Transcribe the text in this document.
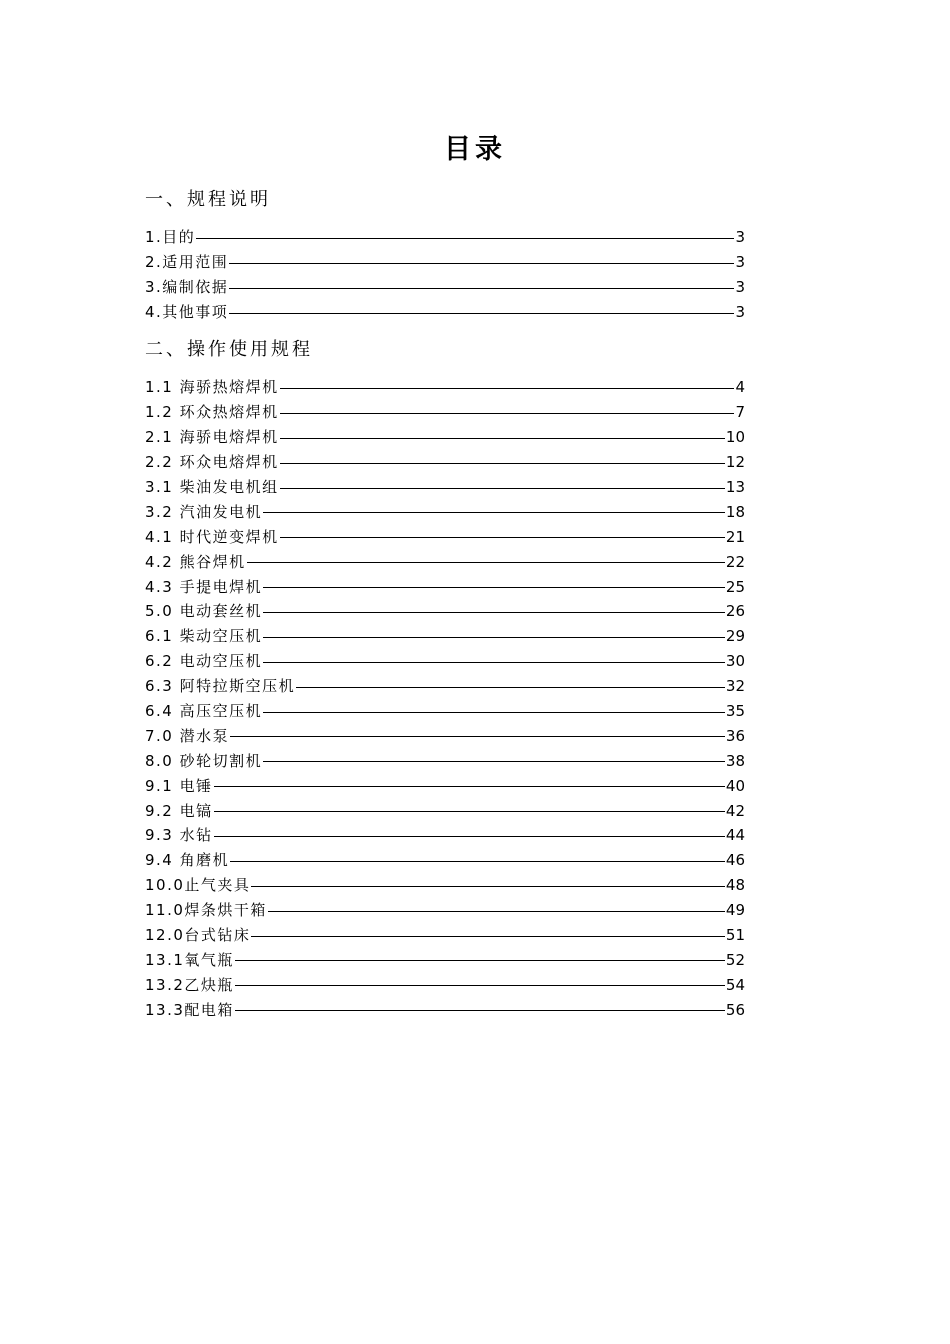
目录
一、规程说明
1.目的	3
2.适用范围	3
3.编制依据	3
4.其他事项	3
二、操作使用规程
1.1 海骄热熔焊机	4
1.2 环众热熔焊机	7
2.1 海骄电熔焊机	10
2.2 环众电熔焊机	12
3.1 柴油发电机组	13
3.2 汽油发电机	18
4.1 时代逆变焊机	21
4.2 熊谷焊机	22
4.3 手提电焊机	25
5.0 电动套丝机	26
6.1 柴动空压机	29
6.2 电动空压机	30
6.3 阿特拉斯空压机	32
6.4 高压空压机	35
7.0 潜水泵	36
8.0 砂轮切割机	38
9.1 电锤	40
9.2 电镐	42
9.3 水钻	44
9.4 角磨机	46
10.0止气夹具	48
11.0焊条烘干箱	49
12.0台式钻床	51
13.1氧气瓶	52
13.2乙炔瓶	54
13.3配电箱	56
